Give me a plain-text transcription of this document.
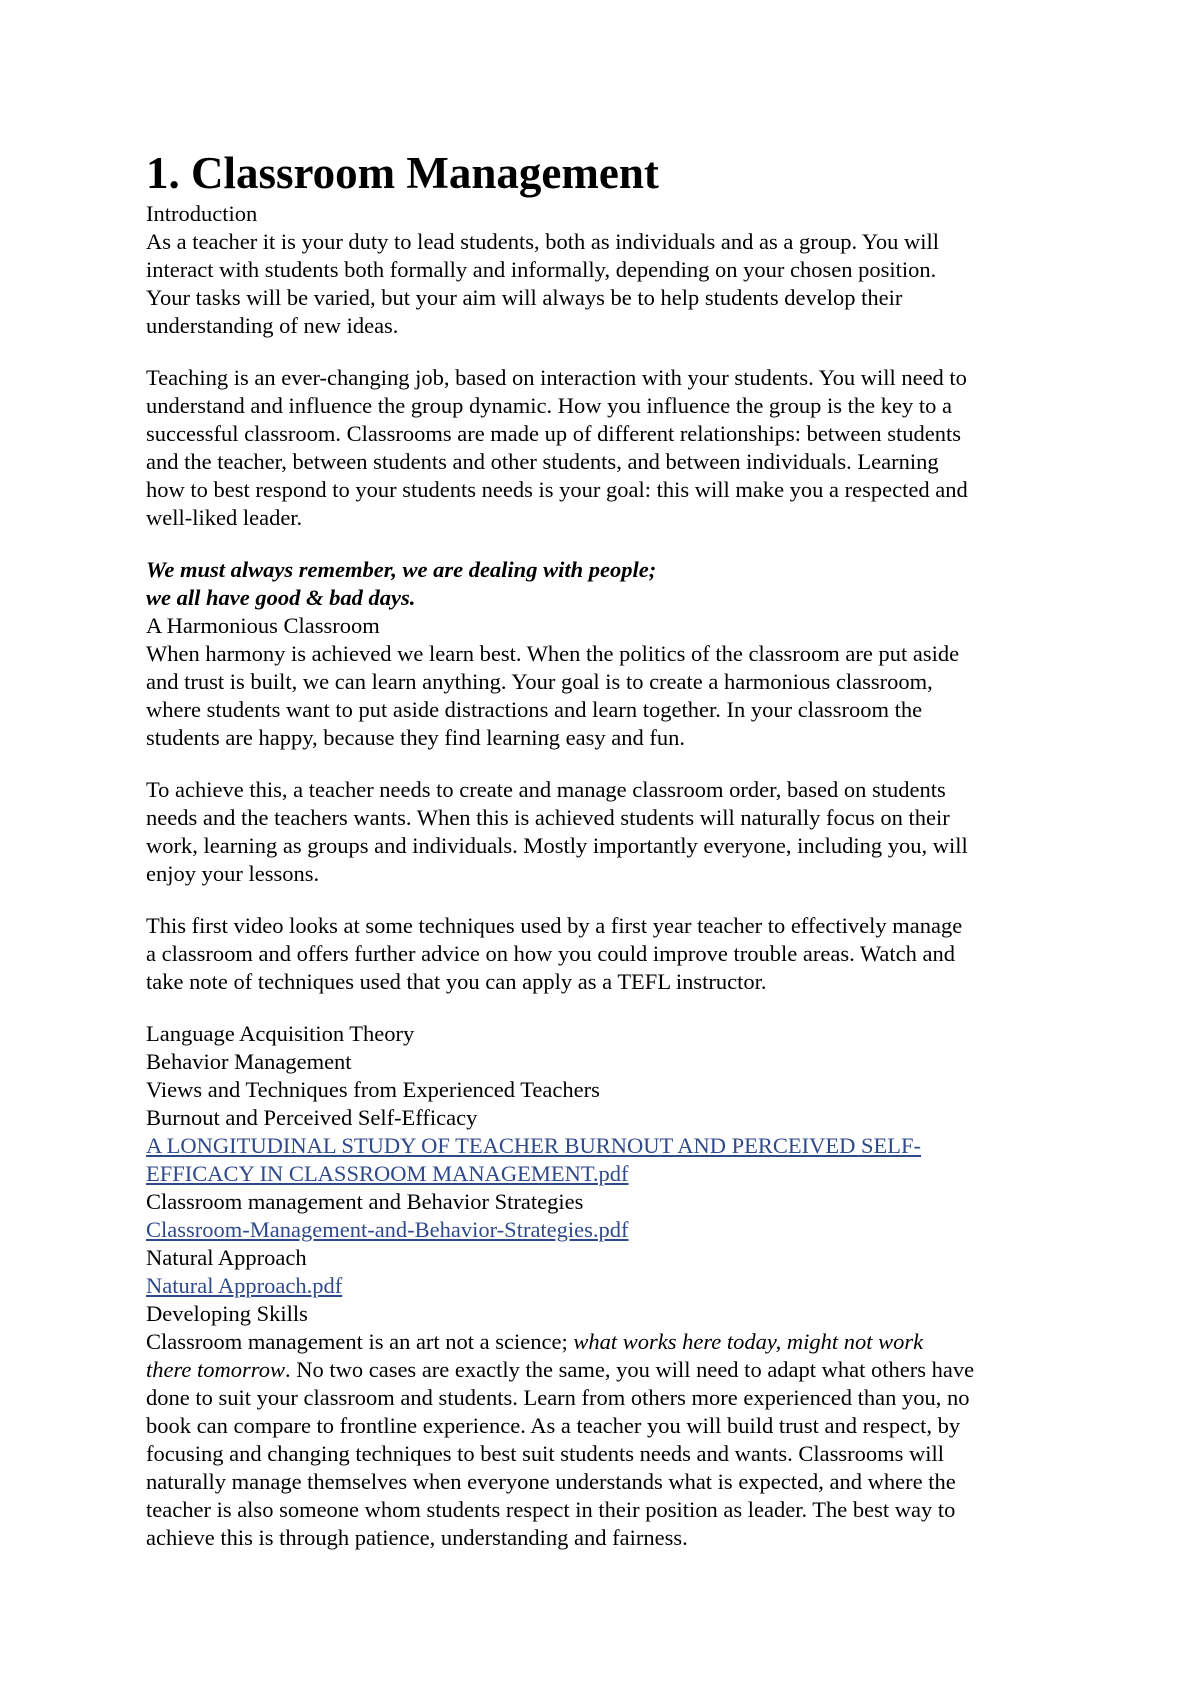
1. Classroom Management

Introduction

As a teacher it is your duty to lead students, both as individuals and as a group. You will
interact with students both formally and informally, depending on your chosen position.
Your tasks will be varied, but your aim will always be to help students develop their
understanding of new ideas.

Teaching is an ever-changing job, based on interaction with your students. You will need to
understand and influence the group dynamic. How you influence the group is the key to a
successful classroom. Classrooms are made up of different relationships: between students
and the teacher, between students and other students, and between individuals. Learning
how to best respond to your students needs is your goal: this will make you a respected and
well-liked leader.

We must always remember, we are dealing with people;
we all have good & bad days.

A Harmonious Classroom

When harmony is achieved we learn best. When the politics of the classroom are put aside
and trust is built, we can learn anything. Your goal is to create a harmonious classroom,
where students want to put aside distractions and learn together. In your classroom the
students are happy, because they find learning easy and fun.

To achieve this, a teacher needs to create and manage classroom order, based on students
needs and the teachers wants. When this is achieved students will naturally focus on their
work, learning as groups and individuals. Mostly importantly everyone, including you, will
enjoy your lessons.

This first video looks at some techniques used by a first year teacher to effectively manage
a classroom and offers further advice on how you could improve trouble areas. Watch and
take note of techniques used that you can apply as a TEFL instructor.

Language Acquisition Theory

Behavior Management

Views and Techniques from Experienced Teachers

Burnout and Perceived Self-Efficacy

A LONGITUDINAL STUDY OF TEACHER BURNOUT AND PERCEIVED SELF-
EFFICACY IN CLASSROOM MANAGEMENT.pdf

Classroom management and Behavior Strategies

Classroom-Management-and-Behavior-Strategies.pdf

Natural Approach

Natural Approach.pdf

Developing Skills

Classroom management is an art not a science; what works here today, might not work
there tomorrow. No two cases are exactly the same, you will need to adapt what others have
done to suit your classroom and students. Learn from others more experienced than you, no
book can compare to frontline experience. As a teacher you will build trust and respect, by
focusing and changing techniques to best suit students needs and wants. Classrooms will
naturally manage themselves when everyone understands what is expected, and where the
teacher is also someone whom students respect in their position as leader. The best way to
achieve this is through patience, understanding and fairness.
